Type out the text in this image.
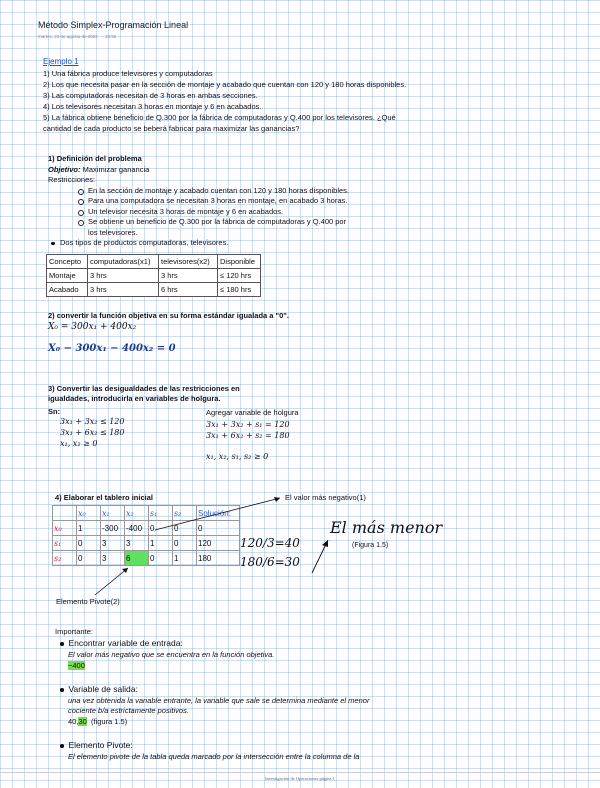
Método Simplex-Programación Lineal
martes, 23 de agosto de 2022 20:55
Ejemplo 1
1) Una fábrica produce televisores y computadoras
2) Los que necesita pasar en la sección de montaje y acabado que cuentan con 120 y 180 horas disponibles.
3) Las computadoras necesitan de 3 horas en ambas secciones.
4) Los televisores necesitan 3 horas en montaje y 6 en acabados.
5) La fábrica obtiene beneficio de Q.300 por la fábrica de computadoras y Q.400 por los televisores. ¿Qué
cantidad de cada producto se beberá fabricar para maximizar las ganancias?
1) Definición del problema
Objetivo: Maximizar ganancia
Restricciones:
En la sección de montaje y acabado cuentan con 120 y 180 horas disponibles.
Para una computadora se necesitan 3 horas en montaje, en acabado 3 horas.
Un televisor necesita 3 horas de montaje y 6 en acabados.
Se obtiene un beneficio de Q.300 por la fábrica de computadoras y Q.400 por
los televisores.
Dos tipos de productos computadoras, televisores.
Concepto	computadoras(x1)	televisores(x2)	Disponible
Montaje	3 hrs	3 hrs	≤ 120 hrs
Acabado	3 hrs	6 hrs	≤ 180 hrs
2) convertir la función objetiva en su forma estándar igualada a "0".
X₀ = 300x₁ + 400x₂
X₀ − 300x₁ − 400x₂ = 0
3) Convertir las desigualdades de las restricciones en
igualdades, introducirla en variables de holgura.
Sn:
3x₁ + 3x₂ ≤ 120
3x₁ + 6x₂ ≤ 180
x₁, x₂ ≥ 0
Agregar variable de holgura
3x₁ + 3x₂ + s₁ = 120
3x₁ + 6x₂ + s₂ = 180
x₁, x₂, s₁, s₂ ≥ 0
4) Elaborar el tablero inicial	El valor más negativo(1)
	x₀	x₁	x₂	s₁	s₂	Solución:
x₀	1	-300	-400	0	0	0
s₁	0	3	3	1	0	120
s₂	0	3	6	0	1	180
120/3=40
180/6=30
El más menor
(Figura 1.5)
Elemento Pivote(2)
Importante:
Encontrar variable de entrada:
El valor más negativo que se encuentra en la función objetiva.
−400
Variable de salida:
una vez obtenida la variable entrante, la variable que sale se determina mediante el menor
cociente b/a estrictamente positivos.
40,30 (figura 1.5)
Elemento Pivote:
El elemento pivote de la tabla queda marcado por la intersección entre la columna de la
Investigación de Operaciones página 1
